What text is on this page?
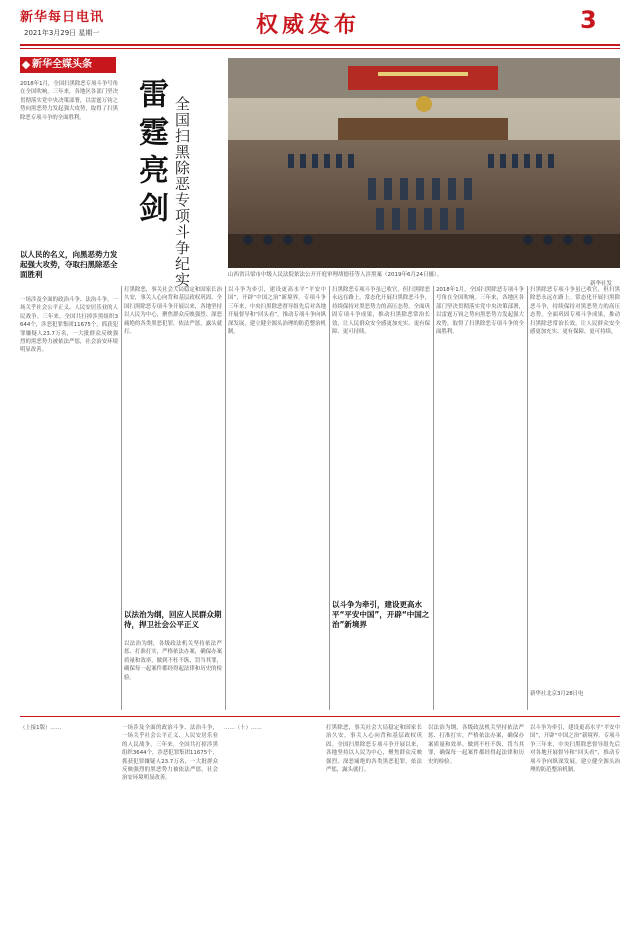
新华每日电讯
2021年3月29日 星期一	权威发布	3
新华全媒头条
2018年1月，全国扫黑除恶专项斗争号角在全国吹响。三年来，各地区各部门坚决贯彻落实党中央决策部署，以雷霆万钧之势向黑恶势力发起强大攻势，取得了扫黑除恶专项斗争的全面胜利。	雷霆亮剑 全国扫黑除恶专项斗争纪实	山西省吕梁市中级人民法院依法公开开庭审理胡德佳等人涉黑案（2019年6月24日摄）。
新华社发
以人民的名义，向黑恶势力发起强大攻势，夺取扫黑除恶全面胜利
一场涉及全面的政治斗争、法治斗争，一场关乎社会公平正义、人民安居乐业的人民战争。三年来，全国共打掉涉黑组织3644个，涉恶犯罪集团11675个，抓获犯罪嫌疑人23.7万名，一大批群众反映强烈的黑恶势力被依法严惩，社会治安环境明显改善。
打黑除恶，事关社会大局稳定和国家长治久安，事关人心向背和基层政权巩固。全国扫黑除恶专项斗争开展以来，各地坚持以人民为中心，聚焦群众反映强烈、深恶痛绝的各类黑恶犯罪，依法严惩，露头就打。
以法治为纲，回应人民群众期待，捍卫社会公平正义
以法治为纲，各级政法机关坚持依法严惩、打准打实，严格依法办案，确保办案质量和效率，做到不枉不纵、罚当其罪，确保每一起案件都经得起法律和历史的检验。
以斗争为牵引，建设更高水平“平安中国”，开辟“中国之治”新境界。专项斗争三年来，中央扫黑除恶督导组先后对各地开展督导和“回头看”，推动专项斗争向纵深发展，建立健全源头治理的防范整治机制。
扫黑除恶专项斗争虽已收官，但扫黑除恶永远在路上。常态化开展扫黑除恶斗争，持续保持对黑恶势力的高压态势，全面巩固专项斗争成果，推动扫黑除恶常治长效，让人民群众安全感更加充实、更有保障、更可持续。
以斗争为牵引，建设更高水平“平安中国”，开辟“中国之治”新境界
2018年1月，全国扫黑除恶专项斗争号角在全国吹响。三年来，各地区各部门坚决贯彻落实党中央决策部署，以雷霆万钧之势向黑恶势力发起强大攻势，取得了扫黑除恶专项斗争的全面胜利。
扫黑除恶专项斗争虽已收官，但扫黑除恶永远在路上。常态化开展扫黑除恶斗争，持续保持对黑恶势力的高压态势，全面巩固专项斗争成果，推动扫黑除恶常治长效，让人民群众安全感更加充实、更有保障、更可持续。
新华社北京3月28日电
（上接1版）……	一场涉及全面的政治斗争、法治斗争，一场关乎社会公平正义、人民安居乐业的人民战争。三年来，全国共打掉涉黑组织3644个，涉恶犯罪集团11675个，抓获犯罪嫌疑人23.7万名，一大批群众反映强烈的黑恶势力被依法严惩，社会治安环境明显改善。
……（十）……	打黑除恶，事关社会大局稳定和国家长治久安，事关人心向背和基层政权巩固。全国扫黑除恶专项斗争开展以来，各地坚持以人民为中心，聚焦群众反映强烈、深恶痛绝的各类黑恶犯罪，依法严惩，露头就打。
以法治为纲，各级政法机关坚持依法严惩、打准打实，严格依法办案，确保办案质量和效率，做到不枉不纵、罚当其罪，确保每一起案件都经得起法律和历史的检验。
以斗争为牵引，建设更高水平“平安中国”，开辟“中国之治”新境界。专项斗争三年来，中央扫黑除恶督导组先后对各地开展督导和“回头看”，推动专项斗争向纵深发展，建立健全源头治理的防范整治机制。
